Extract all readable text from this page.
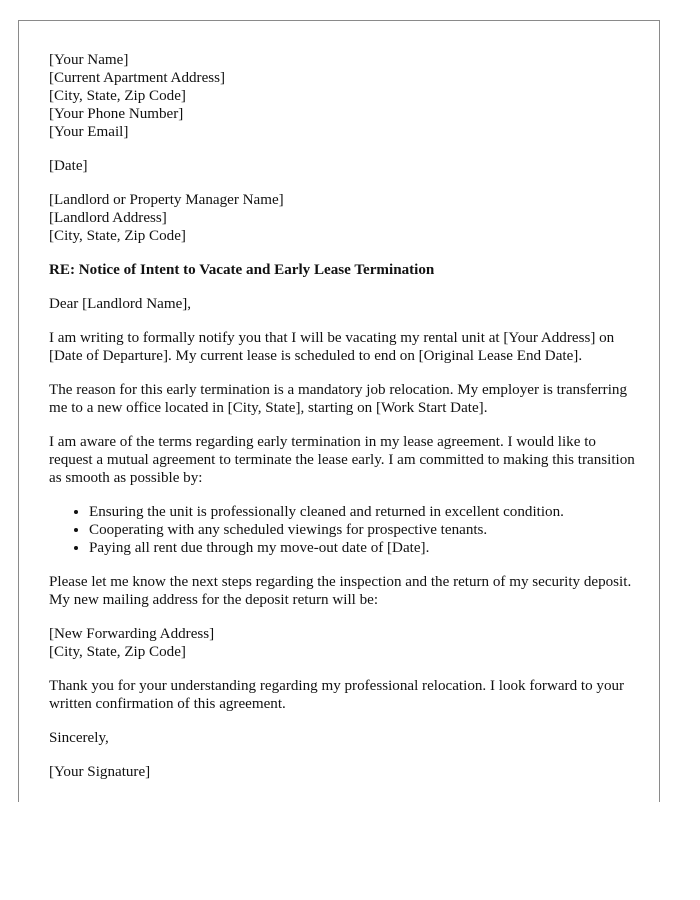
[Your Name]
[Current Apartment Address]
[City, State, Zip Code]
[Your Phone Number]
[Your Email]
[Date]
[Landlord or Property Manager Name]
[Landlord Address]
[City, State, Zip Code]

RE: Notice of Intent to Vacate and Early Lease Termination

Dear [Landlord Name],

I am writing to formally notify you that I will be vacating my rental unit at [Your Address] on [Date of Departure]. My current lease is scheduled to end on [Original Lease End Date].

The reason for this early termination is a mandatory job relocation. My employer is transferring me to a new office located in [City, State], starting on [Work Start Date].

I am aware of the terms regarding early termination in my lease agreement. I would like to request a mutual agreement to terminate the lease early. I am committed to making this transition as smooth as possible by:

• Ensuring the unit is professionally cleaned and returned in excellent condition.
• Cooperating with any scheduled viewings for prospective tenants.
• Paying all rent due through my move-out date of [Date].

Please let me know the next steps regarding the inspection and the return of my security deposit. My new mailing address for the deposit return will be:

[New Forwarding Address]
[City, State, Zip Code]

Thank you for your understanding regarding my professional relocation. I look forward to your written confirmation of this agreement.

Sincerely,

[Your Signature]
